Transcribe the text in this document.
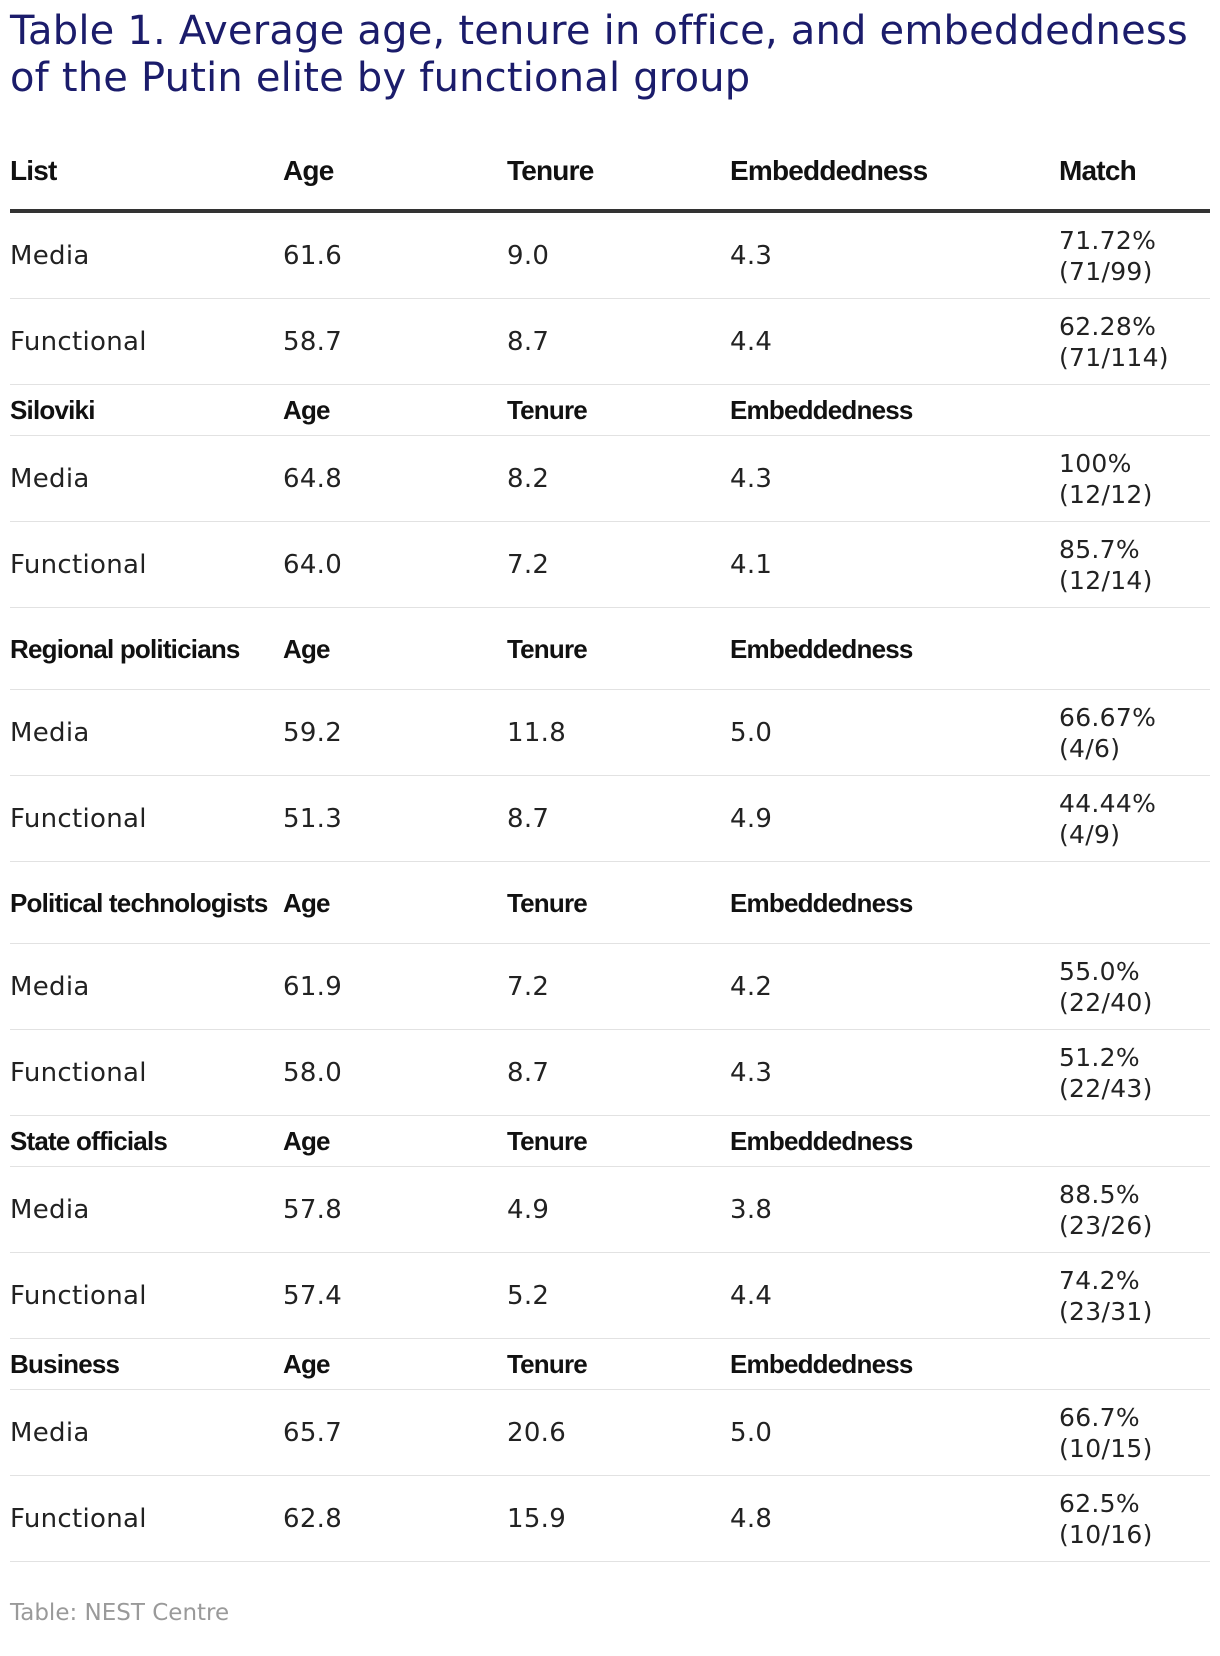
Table 1. Average age, tenure in office, and embeddedness of the Putin elite by functional group
List	Age	Tenure	Embeddedness	Match
Media	61.6	9.0	4.3	71.72%
(71/99)
Functional	58.7	8.7	4.4	62.28%
(71/114)
Siloviki	Age	Tenure	Embeddedness	
Media	64.8	8.2	4.3	100%
(12/12)
Functional	64.0	7.2	4.1	85.7%
(12/14)
Regional politicians	Age	Tenure	Embeddedness	
Media	59.2	11.8	5.0	66.67%
(4/6)
Functional	51.3	8.7	4.9	44.44%
(4/9)
Political technologists	Age	Tenure	Embeddedness	
Media	61.9	7.2	4.2	55.0%
(22/40)
Functional	58.0	8.7	4.3	51.2%
(22/43)
State officials	Age	Tenure	Embeddedness	
Media	57.8	4.9	3.8	88.5%
(23/26)
Functional	57.4	5.2	4.4	74.2%
(23/31)
Business	Age	Tenure	Embeddedness	
Media	65.7	20.6	5.0	66.7%
(10/15)
Functional	62.8	15.9	4.8	62.5%
(10/16)
Table: NEST Centre
